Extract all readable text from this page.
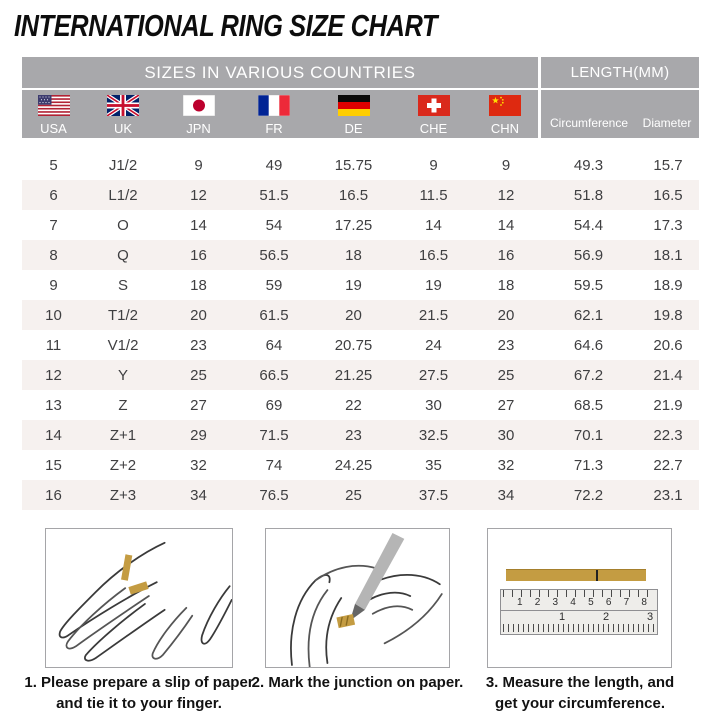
INTERNATIONAL RING SIZE CHART
SIZES IN VARIOUS COUNTRIES	LENGTH(MM)
USA	UK	JPN	FR	DE	CHE	CHN	Circumference	Diameter
5	J1/2	9	49	15.75	9	9	49.3	15.7
6	L1/2	12	51.5	16.5	11.5	12	51.8	16.5
7	O	14	54	17.25	14	14	54.4	17.3
8	Q	16	56.5	18	16.5	16	56.9	18.1
9	S	18	59	19	19	18	59.5	18.9
10	T1/2	20	61.5	20	21.5	20	62.1	19.8
11	V1/2	23	64	20.75	24	23	64.6	20.6
12	Y	25	66.5	21.25	27.5	25	67.2	21.4
13	Z	27	69	22	30	27	68.5	21.9
14	Z+1	29	71.5	23	32.5	30	70.1	22.3
15	Z+2	32	74	24.25	35	32	71.3	22.7
16	Z+3	34	76.5	25	37.5	34	72.2	23.1
1 2 3 4 5 6 7 8
1	2	3
1. Please prepare a slip of paper
and tie it to your finger.
2. Mark the junction on paper.	3. Measure the length, and
get your circumference.
